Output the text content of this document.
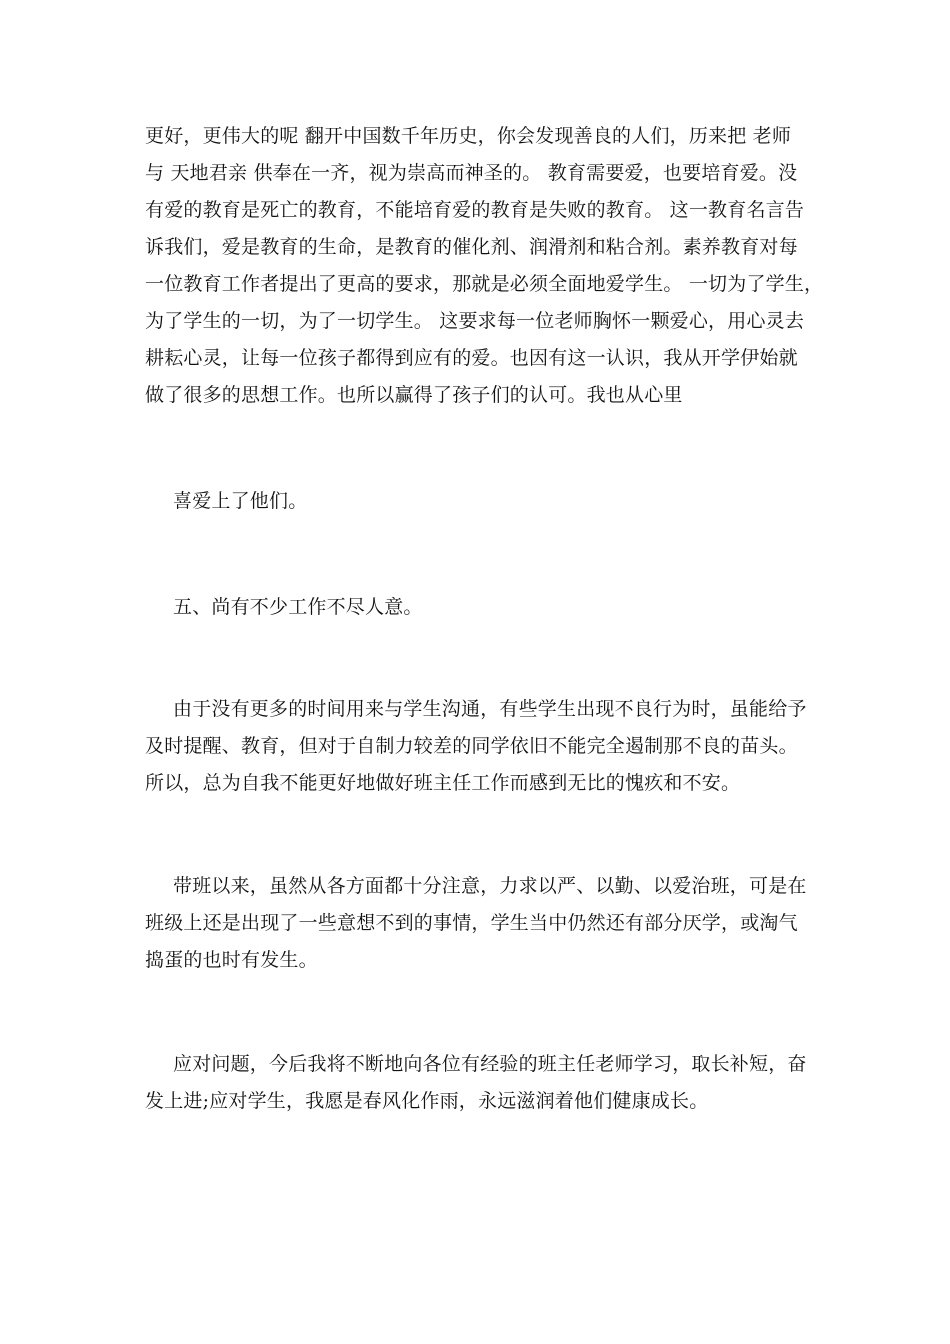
更好，更伟大的呢 翻开中国数千年历史，你会发现善良的人们，历来把 老师
与 天地君亲 供奉在一齐，视为崇高而神圣的。 教育需要爱，也要培育爱。没
有爱的教育是死亡的教育，不能培育爱的教育是失败的教育。 这一教育名言告
诉我们，爱是教育的生命，是教育的催化剂、润滑剂和粘合剂。素养教育对每
一位教育工作者提出了更高的要求，那就是必须全面地爱学生。 一切为了学生，
为了学生的一切，为了一切学生。 这要求每一位老师胸怀一颗爱心，用心灵去
耕耘心灵，让每一位孩子都得到应有的爱。也因有这一认识，我从开学伊始就
做了很多的思想工作。也所以赢得了孩子们的认可。我也从心里
喜爱上了他们。
五、尚有不少工作不尽人意。
由于没有更多的时间用来与学生沟通，有些学生出现不良行为时，虽能给予
及时提醒、教育，但对于自制力较差的同学依旧不能完全遏制那不良的苗头。
所以，总为自我不能更好地做好班主任工作而感到无比的愧疚和不安。
带班以来，虽然从各方面都十分注意，力求以严、以勤、以爱治班，可是在
班级上还是出现了一些意想不到的事情，学生当中仍然还有部分厌学，或淘气
捣蛋的也时有发生。
应对问题，今后我将不断地向各位有经验的班主任老师学习，取长补短，奋
发上进;应对学生，我愿是春风化作雨，永远滋润着他们健康成长。
